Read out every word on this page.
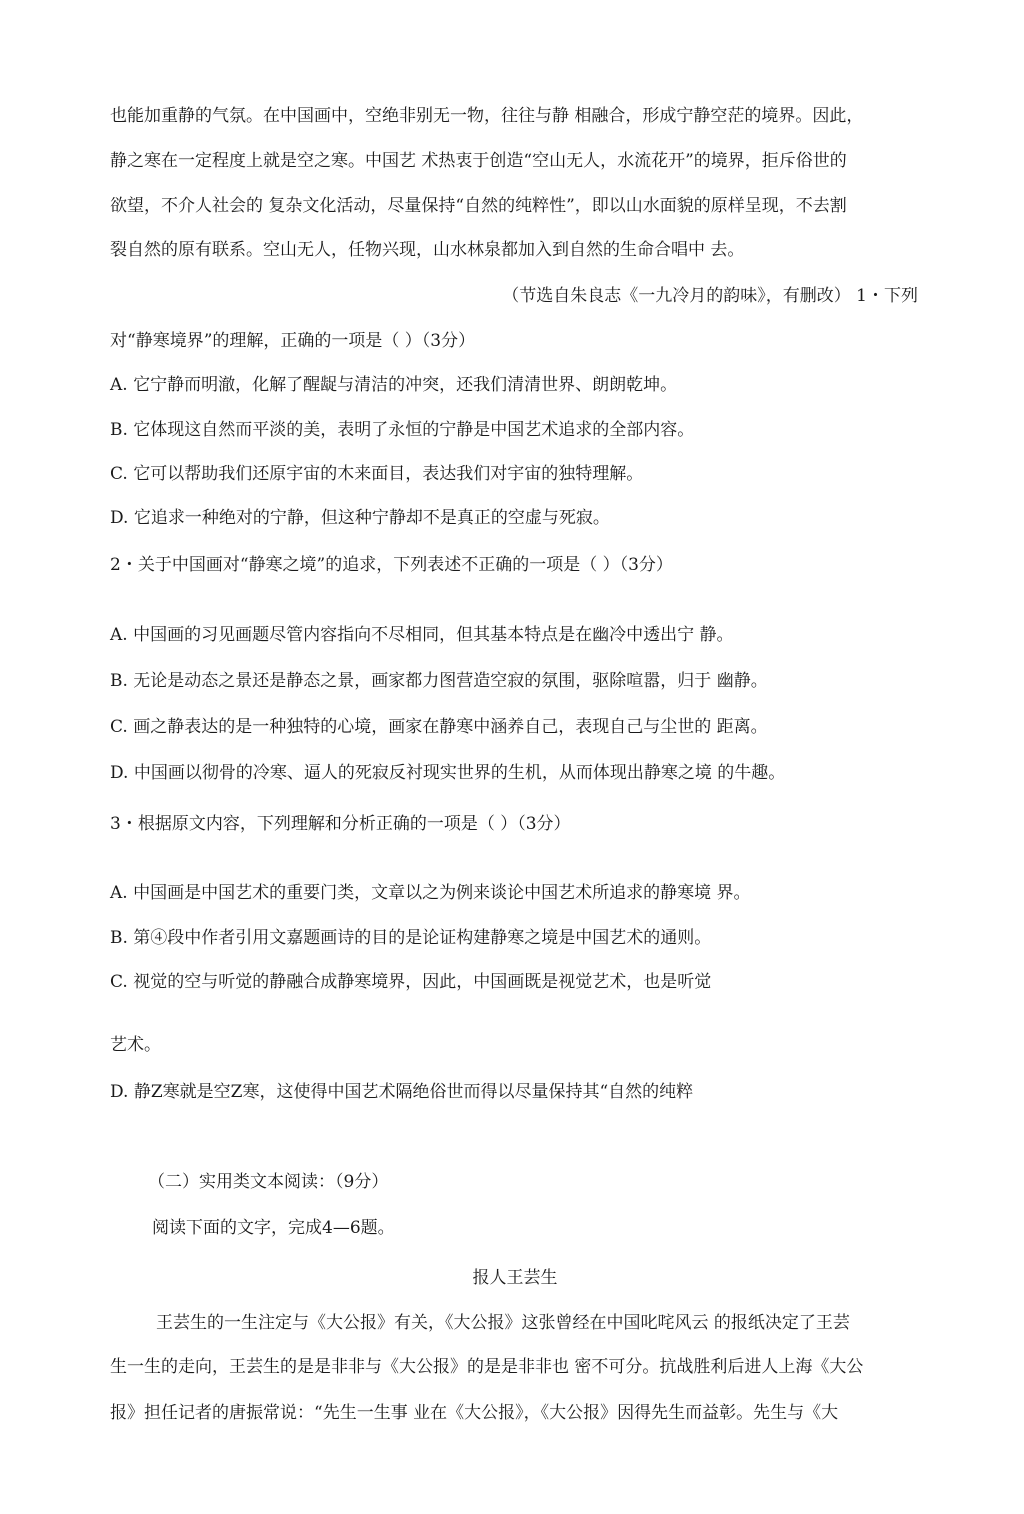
也能加重静的气氛。在中国画中，空绝非别无一物，往往与静 相融合，形成宁静空茫的境界。因此，
静之寒在一定程度上就是空之寒。中国艺 术热衷于创造“空山无人，水流花开”的境界，拒斥俗世的
欲望，不介人社会的 复杂文化活动，尽量保持“自然的纯粹性”，即以山水面貌的原样呈现，不去割
裂自然的原有联系。空山无人，任物兴现，山水林泉都加入到自然的生命合唱中 去。
（节选自朱良志《一九冷月的韵味》，有删改） 1・下列
对“静寒境界”的理解，正确的一项是（ ）（3分）
A. 它宁静而明澈，化解了醒龊与清洁的冲突，还我们清清世界、朗朗乾坤。
B. 它体现这自然而平淡的美，表明了永恒的宁静是中国艺术追求的全部内容。
C. 它可以帮助我们还原宇宙的木来面目，表达我们对宇宙的独特理解。
D. 它追求一种绝对的宁静，但这种宁静却不是真正的空虚与死寂。
2・关于中国画对“静寒之境”的追求，下列表述不正确的一项是（ ）（3分）
A. 中国画的习见画题尽管内容指向不尽相同，但其基本特点是在幽冷中透出宁 静。
B. 无论是动态之景还是静态之景，画家都力图营造空寂的氛围，驱除喧嚣，归于 幽静。
C. 画之静表达的是一种独特的心境，画家在静寒中涵养自己，表现自己与尘世的 距离。
D. 中国画以彻骨的冷寒、逼人的死寂反衬现实世界的生机，从而体现出静寒之境 的牛趣。
3・根据原文内容，下列理解和分析正确的一项是（ ）（3分）
A. 中国画是中国艺术的重要门类，文章以之为例来谈论中国艺术所追求的静寒境 界。
B. 第④段中作者引用文嘉题画诗的目的是论证构建静寒之境是中国艺术的通则。
C. 视觉的空与听觉的静融合成静寒境界，因此，中国画既是视觉艺术，也是听觉
艺术。
D. 静Z寒就是空Z寒，这使得中国艺术隔绝俗世而得以尽量保持其“自然的纯粹
（二）实用类文本阅读：（9分）
阅读下面的文字，完成4—6题。
报人王芸生
王芸生的一生注定与《大公报》有关，《大公报》这张曾经在中国叱咤风云 的报纸决定了王芸
生一生的走向，王芸生的是是非非与《大公报》的是是非非也 密不可分。抗战胜利后进人上海《大公
报》担任记者的唐振常说：“先生一生事 业在《大公报》，《大公报》因得先生而益彰。先生与《大
